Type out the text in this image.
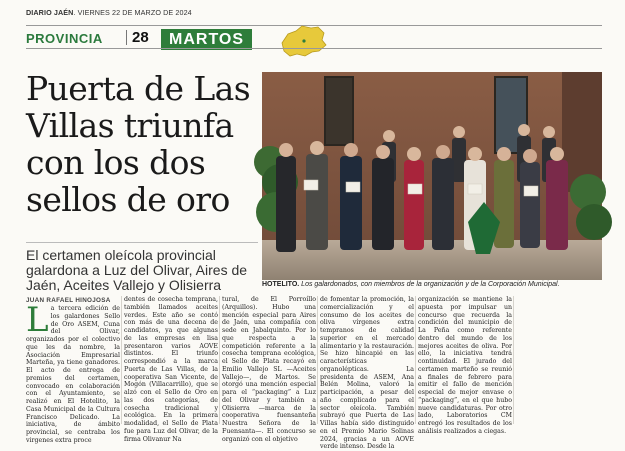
DIARIO JAÉN. VIERNES 22 DE MARZO DE 2024
PROVINCIA 28	MARTOS
Puerta de Las Villas triunfa con los dos sellos de oro
HOTELITO. Los galardonados, con miembros de la organización y de la Corporación Municipal.
El certamen oleícola provincial galardona a Luz del Olivar, Aires de Jaén, Aceites Vallejo y Olisierra
JUAN RAFAEL HINOJOSA
L a tercera edición de los galardones Sello de Oro ASEM, Cuna del Olivar, organizados por el colectivo que les da nombre, la Asociación Empresarial Marteña, ya tiene ganadores. El acto de entrega de premios del certamen, convocado en colaboración con el Ayuntamiento, se realizó en El Hotelito, la Casa Municipal de la Cultura Francisco Delicado. La iniciativa, de ámbito provincial, se centraba los virgenes extra proce

dentes de cosecha temprana, también llamados aceites verdes. Este año se contó con más de una decena de candidatos, ya que algunas de las empresas en lisa presentaron varios AOVE distintos. El triunfo correspondió a la marca Puerta de Las Villas, de la cooperativa San Vicente, de Mogón (Villacarrillo), que se alzó con el Sello de Oro en las dos categorías, de cosecha tradicional y ecológica. En la primera modalidad, el Sello de Plata fue para Luz del Olivar, de la firma Olivanur Na

tural, de El Porroíllo (Arquillos). Hubo una mención especial para Aires de Jaén, una compañía con sede en Jabalquinto. Por lo que respecta a la competición referente a la cosecha temprana ecológica, el Sello de Plata recayó en Emilio Vallejo SL —Aceites Vallejo—, de Martos. Se otorgó una mención especial para el “packaging” a Luz del Olivar y también a Olisierra —marca de la cooperativa fuensanteña Nuestra Señora de la Fuensanta—. El concurso se organizó con el objetivo

de fomentar la promoción, la comercialización y el consumo de los aceites de oliva vírgenes extra tempranos de calidad superior en el mercado alimentario y la restauración. Se hizo hincapié en las características organolépticas. La presidenta de ASEM, Ana Belén Molina, valoró la participación, a pesar del año complicado para el sector oleícola. También subrayó que Puerta de Las Villas había sido distinguido en el Premio Mario Solinas 2024, gracias a un AOVE verde intenso. Desde la

organización se mantiene la apuesta por impulsar un concurso que recuerda la condición del municipio de La Peña como referente dentro del mundo de los mejores aceites de oliva. Por ello, la iniciativa tendrá continuidad. El jurado del certamen marteño se reunió a finales de febrero para emitir el fallo de mención especial de mejor envase o “packaging”, en el que hubo nueve candidaturas. Por otro lado, Laboratorios CM entregó los resultados de los análisis realizados a ciegas.
